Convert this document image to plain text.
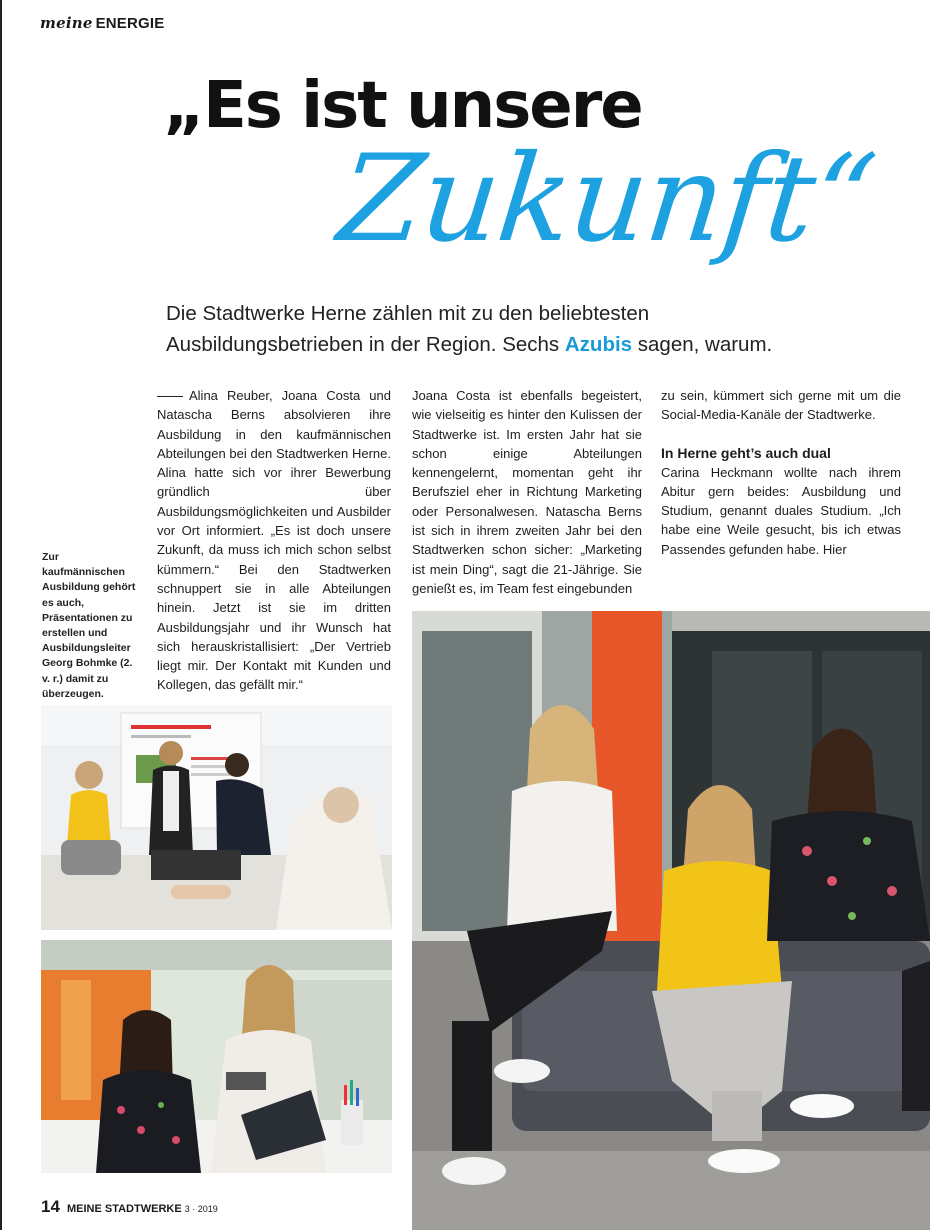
meine ENERGIE
„Es ist unsere
Zukunft“
Die Stadtwerke Herne zählen mit zu den beliebtesten Ausbildungsbetrieben in der Region. Sechs Azubis sagen, warum.
Alina Reuber, Joana Costa und Natascha Berns absolvieren ihre Ausbildung in den kaufmännischen Abteilungen bei den Stadtwerken Herne. Alina hatte sich vor ihrer Bewerbung gründlich über Ausbildungsmöglichkeiten und Ausbilder vor Ort informiert. „Es ist doch unsere Zukunft, da muss ich mich schon selbst kümmern.“ Bei den Stadtwerken schnuppert sie in alle Abteilungen hinein. Jetzt ist sie im dritten Ausbildungsjahr und ihr Wunsch hat sich herauskristallisiert: „Der Vertrieb liegt mir. Der Kontakt mit Kunden und Kollegen, das gefällt mir.“
Joana Costa ist ebenfalls begeistert, wie vielseitig es hinter den Kulissen der Stadtwerke ist. Im ersten Jahr hat sie schon einige Abteilungen kennengelernt, momentan geht ihr Berufsziel eher in Richtung Marketing oder Personalwesen. Natascha Berns ist sich in ihrem zweiten Jahr bei den Stadtwerken schon sicher: „Marketing ist mein Ding“, sagt die 21-Jährige. Sie genießt es, im Team fest eingebunden
zu sein, kümmert sich gerne mit um die Social-Media-Kanäle der Stadtwerke.
In Herne geht’s auch dual
Carina Heckmann wollte nach ihrem Abitur gern beides: Ausbildung und Studium, genannt duales Studium. „Ich habe eine Weile gesucht, bis ich etwas Passendes gefunden habe. Hier
Zur kaufmännischen Ausbildung gehört es auch, Präsentationen zu erstellen und Ausbildungsleiter Georg Bohmke (2. v. r.) damit zu überzeugen.
14 MEINE STADTWERKE 3 · 2019
